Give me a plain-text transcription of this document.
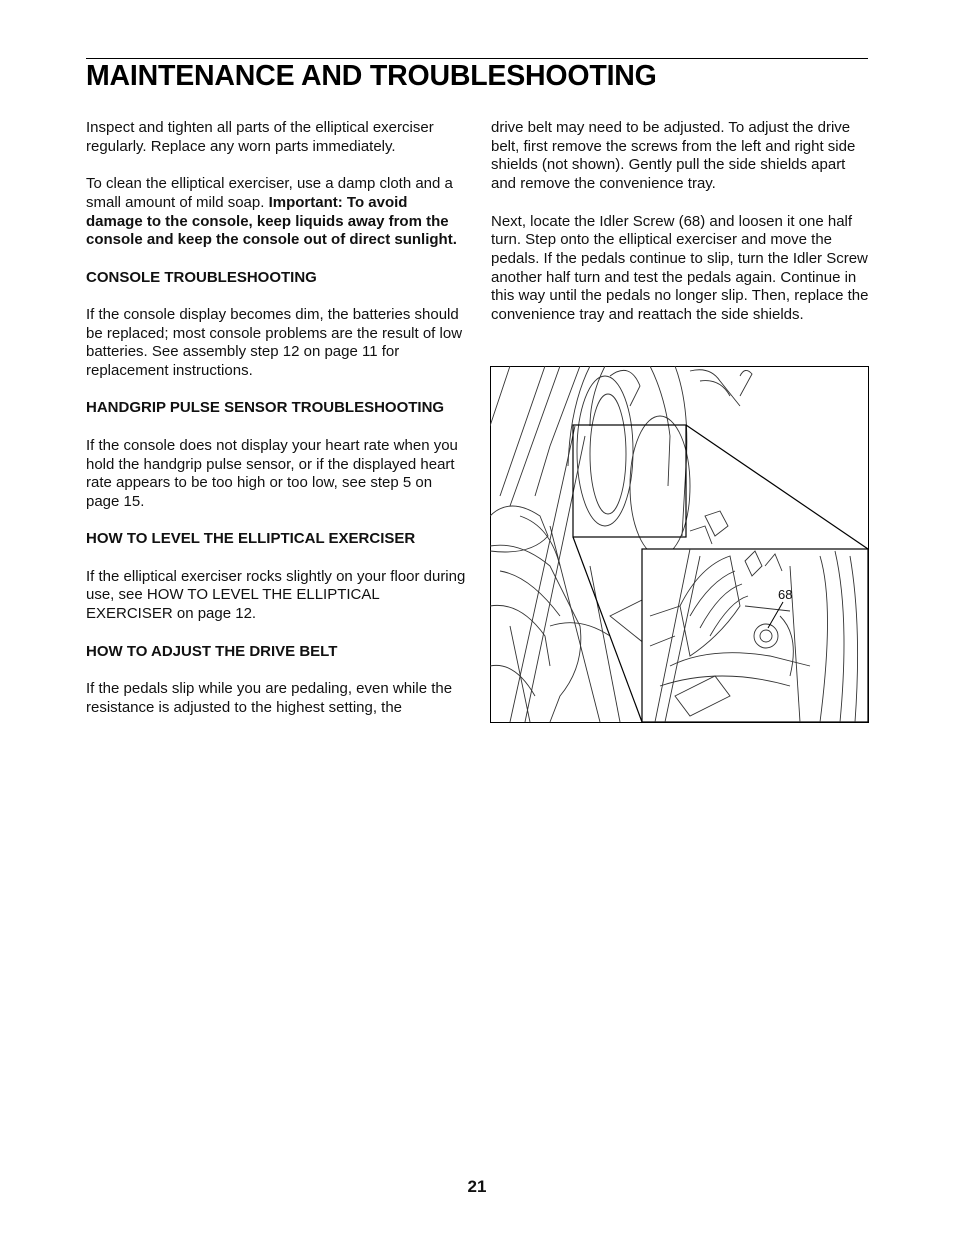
MAINTENANCE AND TROUBLESHOOTING

Inspect and tighten all parts of the elliptical exerciser regularly. Replace any worn parts immediately.

To clean the elliptical exerciser, use a damp cloth and a small amount of mild soap. Important: To avoid damage to the console, keep liquids away from the console and keep the console out of direct sunlight.

CONSOLE TROUBLESHOOTING

If the console display becomes dim, the batteries should be replaced; most console problems are the result of low batteries. See assembly step 12 on page 11 for replacement instructions.

HANDGRIP PULSE SENSOR TROUBLESHOOTING

If the console does not display your heart rate when you hold the handgrip pulse sensor, or if the displayed heart rate appears to be too high or too low, see step 5 on page 15.

HOW TO LEVEL THE ELLIPTICAL EXERCISER

If the elliptical exerciser rocks slightly on your floor during use, see HOW TO LEVEL THE ELLIPTICAL EXERCISER on page 12.

HOW TO ADJUST THE DRIVE BELT

If the pedals slip while you are pedaling, even while the resistance is adjusted to the highest setting, the

drive belt may need to be adjusted. To adjust the drive belt, first remove the screws from the left and right side shields (not shown). Gently pull the side shields apart and remove the convenience tray.

Next, locate the Idler Screw (68) and loosen it one half turn. Step onto the elliptical exerciser and move the pedals. If the pedals continue to slip, turn the Idler Screw another half turn and test the pedals again. Continue in this way until the pedals no longer slip. Then, replace the convenience tray and reattach the side shields.

68
21
